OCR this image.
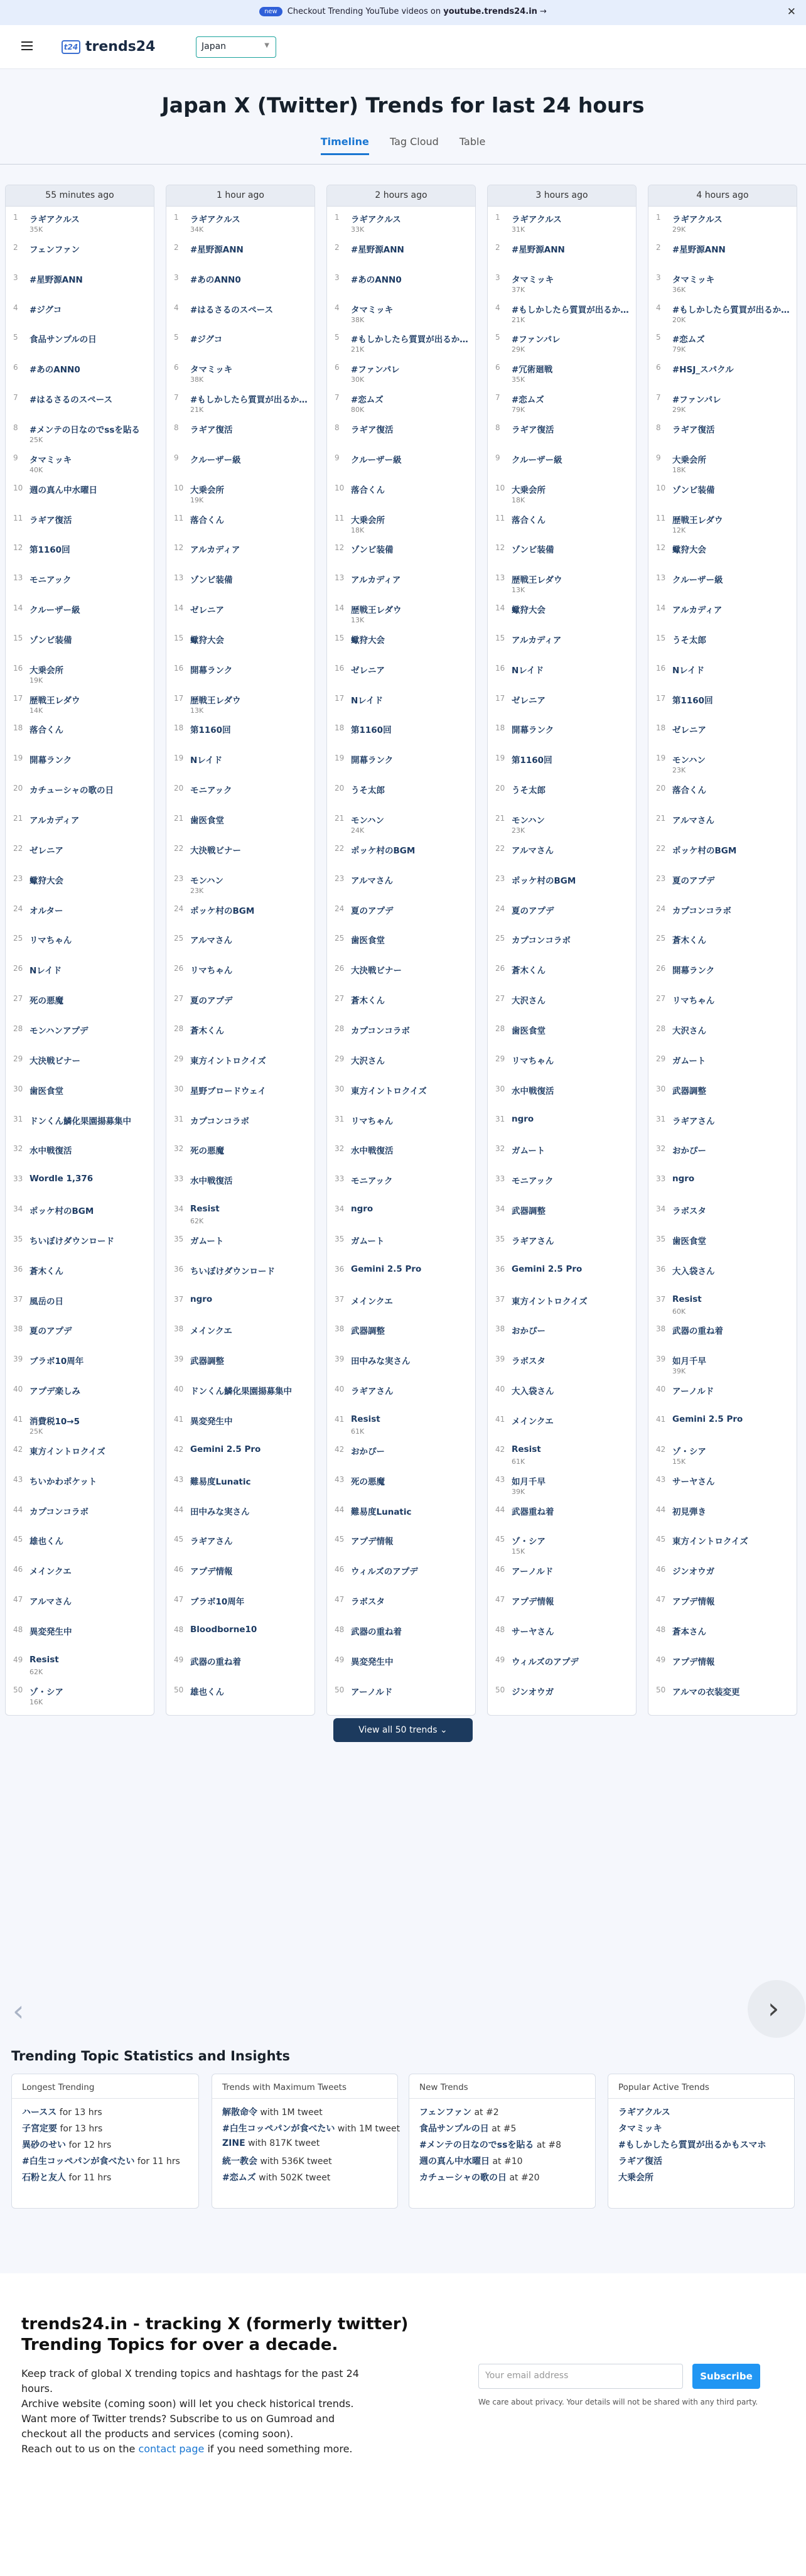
new Checkout Trending YouTube videos on youtube.trends24.in →	✕
t24 trends24	Japan	▼
Japan X (Twitter) Trends for last 24 hours
Timeline Tag Cloud Table
55 minutes ago
1 ラギアクルス
35K
2 フェンファン
3 #星野源ANN
4 #ジグコ
5 食品サンプルの日
6 #あのANN0
7 #はるさるのスペース
8 #メンテの日なのでssを貼る
25K
9 タマミッキ
40K
10 週の真ん中水曜日
11 ラギア復活
12 第1160回
13 モニアック
14 クルーザー級
15 ゾンビ装備
16 大乗会所
19K
17 歴戦王レダウ
14K
18 落合くん
19 開幕ランク
20 カチューシャの歌の日
21 アルカディア
22 ゼレニア
23 蠍狩大会
24 オルター
25 リマちゃん
26 Nレイド
27 死の悪魔
28 モンハンアプデ
29 大決戦ビナー
30 歯医食堂
31 ドンくん鱗化果園揚募集中
32 水中戦復活
33 Wordle 1,376
34 ポッケ村のBGM
35 ちいぼけダウンロード
36 蒼木くん
37 風岳の日
38 夏のアプデ
39 ブラボ10周年
40 アプデ楽しみ
41 消費税10→5
25K
42 東方イントロクイズ
43 ちいかわポケット
44 カプコンコラボ
45 雄也くん
46 メインクエ
47 アルマさん
48 異変発生中
49 Resist
62K
50 ゾ・シア
16K
1 hour ago
1 ラギアクルス
34K
2 #星野源ANN
3 #あのANN0
4 #はるさるのスペース
5 #ジグコ
6 タマミッキ
38K
7 #もしかしたら質買が出るか…
21K
8 ラギア復活
9 クルーザー級
10 大乗会所
19K
11 落合くん
12 アルカディア
13 ゾンビ装備
14 ゼレニア
15 蠍狩大会
16 開幕ランク
17 歴戦王レダウ
13K
18 第1160回
19 Nレイド
20 モニアック
21 歯医食堂
22 大決戦ビナー
23 モンハン
23K
24 ポッケ村のBGM
25 アルマさん
26 リマちゃん
27 夏のアプデ
28 蒼木くん
29 東方イントロクイズ
30 星野ブロードウェイ
31 カプコンコラボ
32 死の悪魔
33 水中戦復活
34 Resist
62K
35 ガムート
36 ちいぼけダウンロード
37 ngro
38 メインクエ
39 武器調整
40 ドンくん鱗化果園揚募集中
41 異変発生中
42 Gemini 2.5 Pro
43 難易度Lunatic
44 田中みな実さん
45 ラギアさん
46 アプデ情報
47 ブラボ10周年
48 Bloodborne10
49 武器の重ね着
50 雄也くん
2 hours ago
1 ラギアクルス
33K
2 #星野源ANN
3 #あのANN0
4 タマミッキ
38K
5 #もしかしたら質買が出るか…
21K
6 #ファンパレ
30K
7 #恋ムズ
80K
8 ラギア復活
9 クルーザー級
10 落合くん
11 大乗会所
18K
12 ゾンビ装備
13 アルカディア
14 歴戦王レダウ
13K
15 蠍狩大会
16 ゼレニア
17 Nレイド
18 第1160回
19 開幕ランク
20 うそ太郎
21 モンハン
24K
22 ポッケ村のBGM
23 アルマさん
24 夏のアプデ
25 歯医食堂
26 大決戦ビナー
27 蒼木くん
28 カプコンコラボ
29 大沢さん
30 東方イントロクイズ
31 リマちゃん
32 水中戦復活
33 モニアック
34 ngro
35 ガムート
36 Gemini 2.5 Pro
37 メインクエ
38 武器調整
39 田中みな実さん
40 ラギアさん
41 Resist
61K
42 おかぴー
43 死の悪魔
44 難易度Lunatic
45 アプデ情報
46 ウィルズのアプデ
47 ラボスタ
48 武器の重ね着
49 異変発生中
50 アーノルド
3 hours ago
1 ラギアクルス
31K
2 #星野源ANN
3 タマミッキ
37K
4 #もしかしたら質買が出るか…
21K
5 #ファンパレ
29K
6 #冗術廻戦
35K
7 #恋ムズ
79K
8 ラギア復活
9 クルーザー級
10 大乗会所
18K
11 落合くん
12 ゾンビ装備
13 歴戦王レダウ
13K
14 蠍狩大会
15 アルカディア
16 Nレイド
17 ゼレニア
18 開幕ランク
19 第1160回
20 うそ太郎
21 モンハン
23K
22 アルマさん
23 ポッケ村のBGM
24 夏のアプデ
25 カプコンコラボ
26 蒼木くん
27 大沢さん
28 歯医食堂
29 リマちゃん
30 水中戦復活
31 ngro
32 ガムート
33 モニアック
34 武器調整
35 ラギアさん
36 Gemini 2.5 Pro
37 東方イントロクイズ
38 おかぴー
39 ラボスタ
40 大入袋さん
41 メインクエ
42 Resist
61K
43 如月千早
39K
44 武器重ね着
45 ゾ・シア
15K
46 アーノルド
47 アプデ情報
48 サーヤさん
49 ウィルズのアプデ
50 ジンオウガ
4 hours ago
1 ラギアクルス
29K
2 #星野源ANN
3 タマミッキ
36K
4 #もしかしたら質買が出るか…
20K
5 #恋ムズ
79K
6 #HSJ_スパクル
7 #ファンパレ
29K
8 ラギア復活
9 大乗会所
18K
10 ゾンビ装備
11 歴戦王レダウ
12K
12 蠍狩大会
13 クルーザー級
14 アルカディア
15 うそ太郎
16 Nレイド
17 第1160回
18 ゼレニア
19 モンハン
23K
20 落合くん
21 アルマさん
22 ポッケ村のBGM
23 夏のアプデ
24 カプコンコラボ
25 蒼木くん
26 開幕ランク
27 リマちゃん
28 大沢さん
29 ガムート
30 武器調整
31 ラギアさん
32 おかぴー
33 ngro
34 ラボスタ
35 歯医食堂
36 大入袋さん
37 Resist
60K
38 武器の重ね着
39 如月千早
39K
40 アーノルド
41 Gemini 2.5 Pro
42 ゾ・シア
15K
43 サーヤさん
44 初見弾き
45 東方イントロクイズ
46 ジンオウガ
47 アプデ情報
48 蒼本さん
49 アプデ情報
50 アルマの衣装変更
View all 50 trends ⌄
‹	›
Trending Topic Statistics and Insights
Longest Trending
ハースス for 13 hrs
子宮定要 for 13 hrs
異砂のせい for 12 hrs
#白生コッペパンが食べたい for 11 hrs
石粉と友人 for 11 hrs
Trends with Maximum Tweets
解散命令 with 1M tweet
#白生コッペパンが食べたい with 1M tweet
ZINE with 817K tweet
統一教会 with 536K tweet
#恋ムズ with 502K tweet
New Trends
フェンファン at #2
食品サンプルの日 at #5
#メンテの日なのでssを貼る at #8
週の真ん中水曜日 at #10
カチューシャの歌の日 at #20
Popular Active Trends
ラギアクルス
タマミッキ
#もしかしたら質買が出るかもスマホ
ラギア復活
大乗会所
trends24.in - tracking X (formerly twitter)
Trending Topics for over a decade.
Keep track of global X trending topics and hashtags for the past 24 hours.
Archive website (coming soon) will let you check historical trends.
Want more of Twitter trends? Subscribe to us on Gumroad and checkout all the products and services (coming soon).
Reach out to us on the contact page if you need something more.
Your email address	Subscribe
We care about privacy. Your details will not be shared with any third party.
